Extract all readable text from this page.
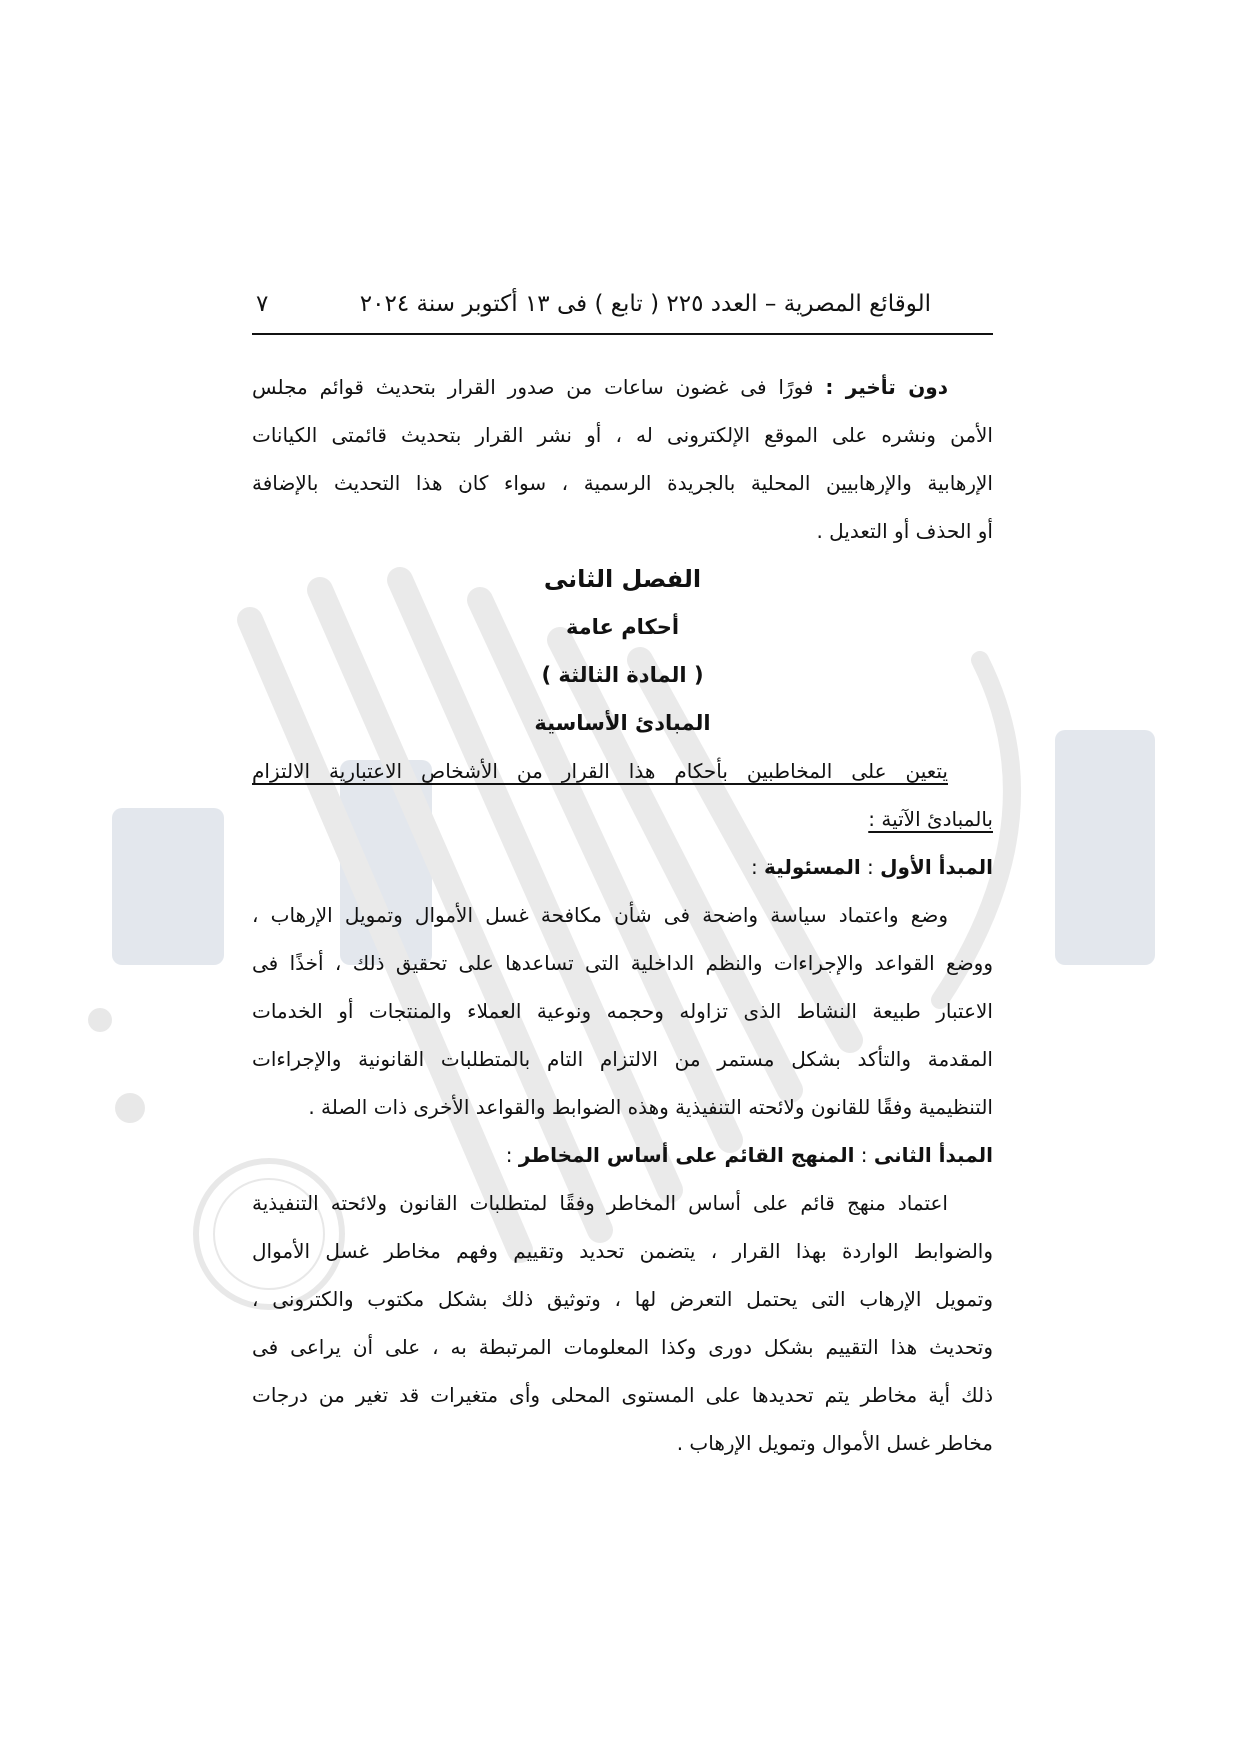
الوقائع المصرية – العدد ٢٢٥ ( تابع ) فى ١٣ أكتوبر سنة ٢٠٢٤
٧
دون تأخير : فورًا فى غضون ساعات من صدور القرار بتحديث قوائم مجلس
الأمن ونشره على الموقع الإلكترونى له ، أو نشر القرار بتحديث قائمتى الكيانات
الإرهابية والإرهابيين المحلية بالجريدة الرسمية ، سواء كان هذا التحديث بالإضافة
أو الحذف أو التعديل .
الفصل الثانى
أحكام عامة
( المادة الثالثة )
المبادئ الأساسية
يتعين على المخاطبين بأحكام هذا القرار من الأشخاص الاعتبارية الالتزام
بالمبادئ الآتية :
المبدأ الأول : المسئولية :
وضع واعتماد سياسة واضحة فى شأن مكافحة غسل الأموال وتمويل الإرهاب ،
ووضع القواعد والإجراءات والنظم الداخلية التى تساعدها على تحقيق ذلك ، أخذًا فى
الاعتبار طبيعة النشاط الذى تزاوله وحجمه ونوعية العملاء والمنتجات أو الخدمات
المقدمة والتأكد بشكل مستمر من الالتزام التام بالمتطلبات القانونية والإجراءات
التنظيمية وفقًا للقانون ولائحته التنفيذية وهذه الضوابط والقواعد الأخرى ذات الصلة .
المبدأ الثانى : المنهج القائم على أساس المخاطر :
اعتماد منهج قائم على أساس المخاطر وفقًا لمتطلبات القانون ولائحته التنفيذية
والضوابط الواردة بهذا القرار ، يتضمن تحديد وتقييم وفهم مخاطر غسل الأموال
وتمويل الإرهاب التى يحتمل التعرض لها ، وتوثيق ذلك بشكل مكتوب والكترونى ،
وتحديث هذا التقييم بشكل دورى وكذا المعلومات المرتبطة به ، على أن يراعى فى
ذلك أية مخاطر يتم تحديدها على المستوى المحلى وأى متغيرات قد تغير من درجات
مخاطر غسل الأموال وتمويل الإرهاب .
